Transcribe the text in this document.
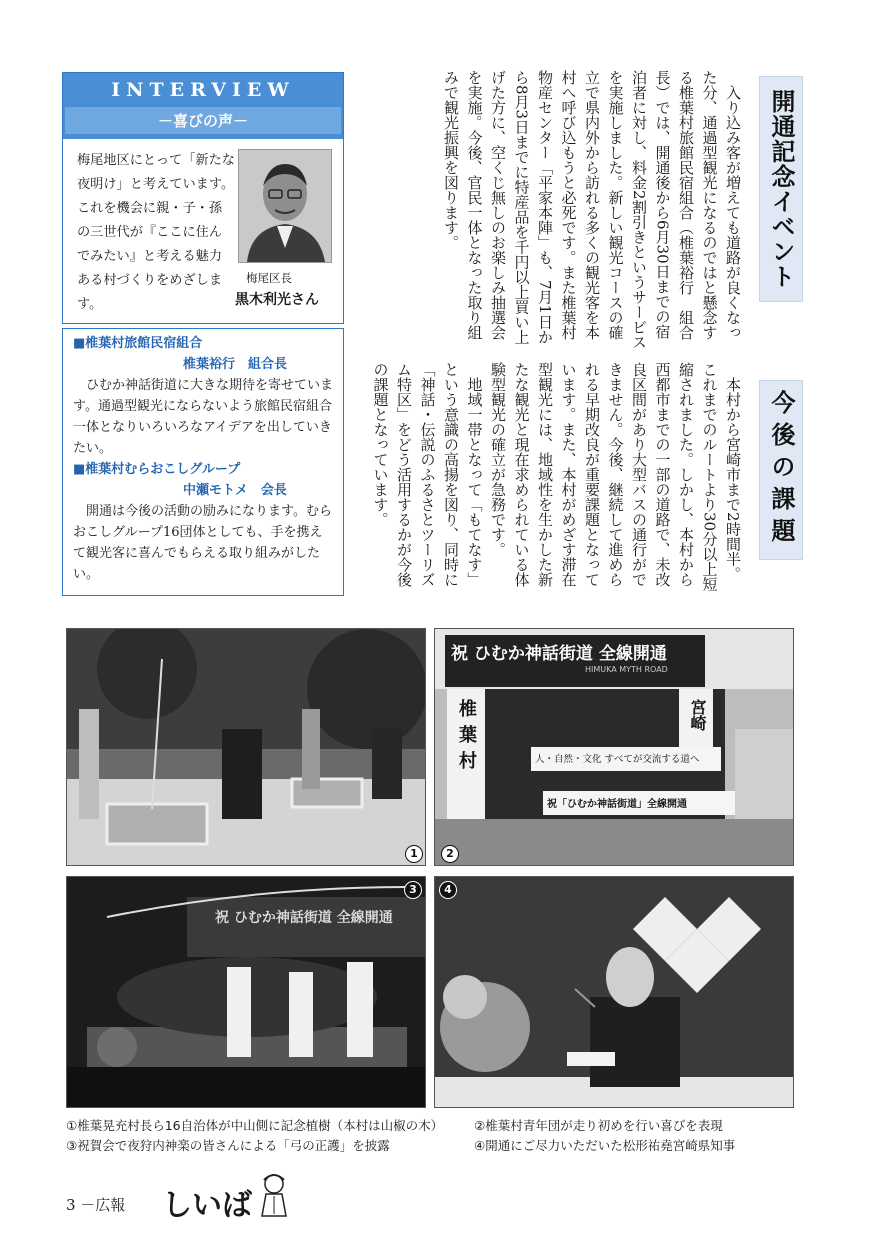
INTERVIEW
－喜びの声－
梅尾地区にとって「新たな夜明け」と考えています。これを機会に親・子・孫の三世代が『ここに住んでみたい』と考える魅力ある村づくりをめざします。
梅尾区長
黒木利光さん
■椎葉村旅館民宿組合
椎葉裕行　組合長
ひむか神話街道に大きな期待を寄せています。通過型観光にならないよう旅館民宿組合一体となりいろいろなアイデアを出していきたい。
■椎葉村むらおこしグループ
中瀬モトメ　会長
開通は今後の活動の励みになります。むらおこしグループ16団体としても、手を携えて観光客に喜んでもらえる取り組みがしたい。
開通記念イベント
今後の課題

入り込み客が増えても道路が良くなった分、通過型観光になるのではと懸念する椎葉村旅館民宿組合（椎葉裕行　組合長）では、開通後から6月30日までの宿泊者に対し、料金2割引きというサービスを実施しました。新しい観光コースの確立で県内外から訪れる多くの観光客を本村へ呼び込もうと必死です。また椎葉村物産センター「平家本陣」も、7月1日から8月3日までに特産品を千円以上買い上げた方に、空くじ無しのお楽しみ抽選会を実施。今後、官民一体となった取り組みで観光振興を図ります。

本村から宮崎市まで2時間半。これまでのルートより30分以上短縮されました。しかし、本村から西都市までの一部の道路で、未改良区間があり大型バスの通行ができません。今後、継続して進められる早期改良が重要課題となっています。また、本村がめざす滞在型観光には、地域性を生かした新たな観光と現在求められている体験型観光の確立が急務です。

地域一帯となって「もてなす」という意識の高揚を図り、同時に「神話・伝説のふるさとツーリズム特区」をどう活用するかが今後の課題となっています。

1
祝 ひむか神話街道 全線開通
HIMUKA MYTH ROAD
椎葉村	宮崎
人・自然・文化 すべてが交流する道へ
祝「ひむか神話街道」全線開通
2
祝 ひむか神話街道 全線開通
3	4
①椎葉晃充村長ら16自治体が中山側に記念植樹（本村は山椒の木） ②椎葉村青年団が走り初めを行い喜びを表現
③祝賀会で夜狩内神楽の皆さんによる「弓の正護」を披露	④開通にご尽力いただいた松形祐堯宮崎県知事
3 －広報 しいば
